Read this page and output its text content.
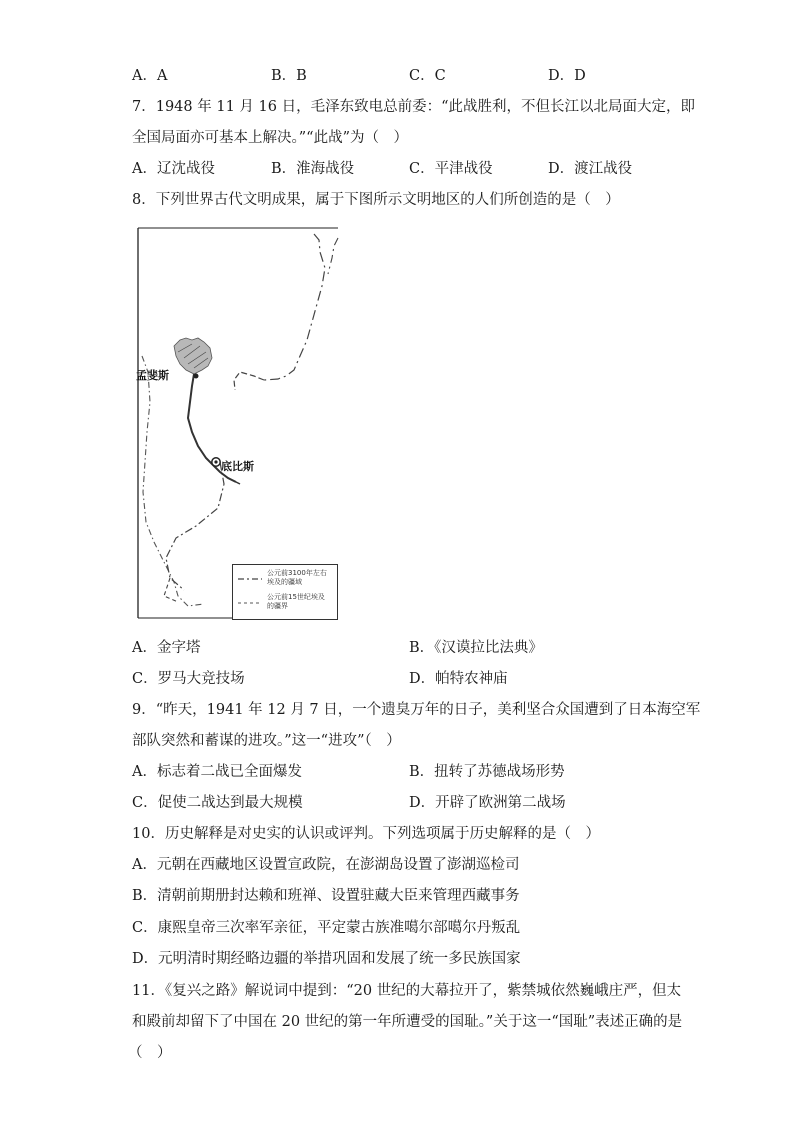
A．A	B．B	C．C	D．D
7．1948 年 11 月 16 日，毛泽东致电总前委：“此战胜利，不但长江以北局面大定，即
全国局面亦可基本上解决。”“此战”为（　）
A．辽沈战役	B．淮海战役	C．平津战役	D．渡江战役
8．下列世界古代文明成果，属于下图所示文明地区的人们所创造的是（　）
孟斐斯
底比斯
公元前3100年左右埃及的疆域
公元前15世纪埃及的疆界
A．金字塔	B．《汉谟拉比法典》
C．罗马大竞技场	D．帕特农神庙
9．“昨天，1941 年 12 月 7 日，一个遗臭万年的日子，美利坚合众国遭到了日本海空军
部队突然和蓄谋的进攻。”这一“进攻”（　）
A．标志着二战已全面爆发	B．扭转了苏德战场形势
C．促使二战达到最大规模	D．开辟了欧洲第二战场
10．历史解释是对史实的认识或评判。下列选项属于历史解释的是（　）
A．元朝在西藏地区设置宣政院，在澎湖岛设置了澎湖巡检司
B．清朝前期册封达赖和班禅、设置驻藏大臣来管理西藏事务
C．康熙皇帝三次率军亲征，平定蒙古族准噶尔部噶尔丹叛乱
D．元明清时期经略边疆的举措巩固和发展了统一多民族国家
11．《复兴之路》解说词中提到：“20 世纪的大幕拉开了，紫禁城依然巍峨庄严，但太
和殿前却留下了中国在 20 世纪的第一年所遭受的国耻。”关于这一“国耻”表述正确的是
（　）
